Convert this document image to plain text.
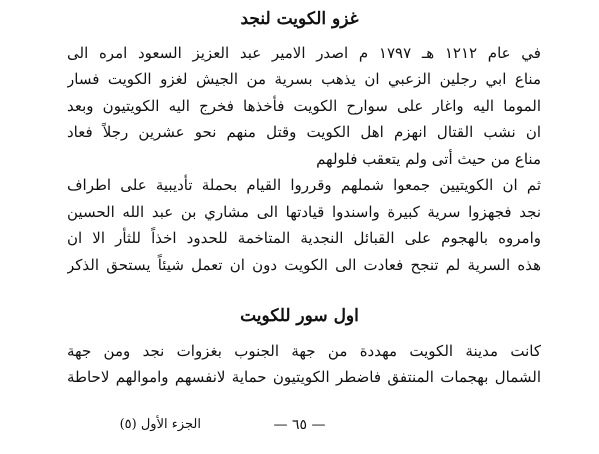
غزو الكويت لنجد
في عام ١٢١٢ هـ ١٧٩٧ م اصدر الامير عبد العزيز السعود امره الى
مناع ابي رجلين الزعبي ان يذهب بسرية من الجيش لغزو الكويت فسار
الموما اليه واغار على سوارح الكويت فأخذها فخرج اليه الكويتيون وبعد
ان نشب القتال انهزم اهل الكويت وقتل منهم نحو عشرين رجلاً فعاد
مناع من حيث أتى ولم يتعقب فلولهم
ثم ان الكويتيين جمعوا شملهم وقرروا القيام بحملة تأديبية على اطراف
نجد فجهزوا سرية كبيرة واسندوا قيادتها الى مشاري بن عبد الله الحسين
وامروه بالهجوم على القبائل النجدية المتاخمة للحدود اخذاً للثأر الا ان
هذه السرية لم تنجح فعادت الى الكويت دون ان تعمل شيئاً يستحق الذكر
اول سور للكويت
كانت مدينة الكويت مهددة من جهة الجنوب بغزوات نجد ومن جهة
الشمال بهجمات المنتفق فاضطر الكويتيون حماية لانفسهم واموالهم لاحاطة
— ٦٥ —
الجزء الأول (٥)
